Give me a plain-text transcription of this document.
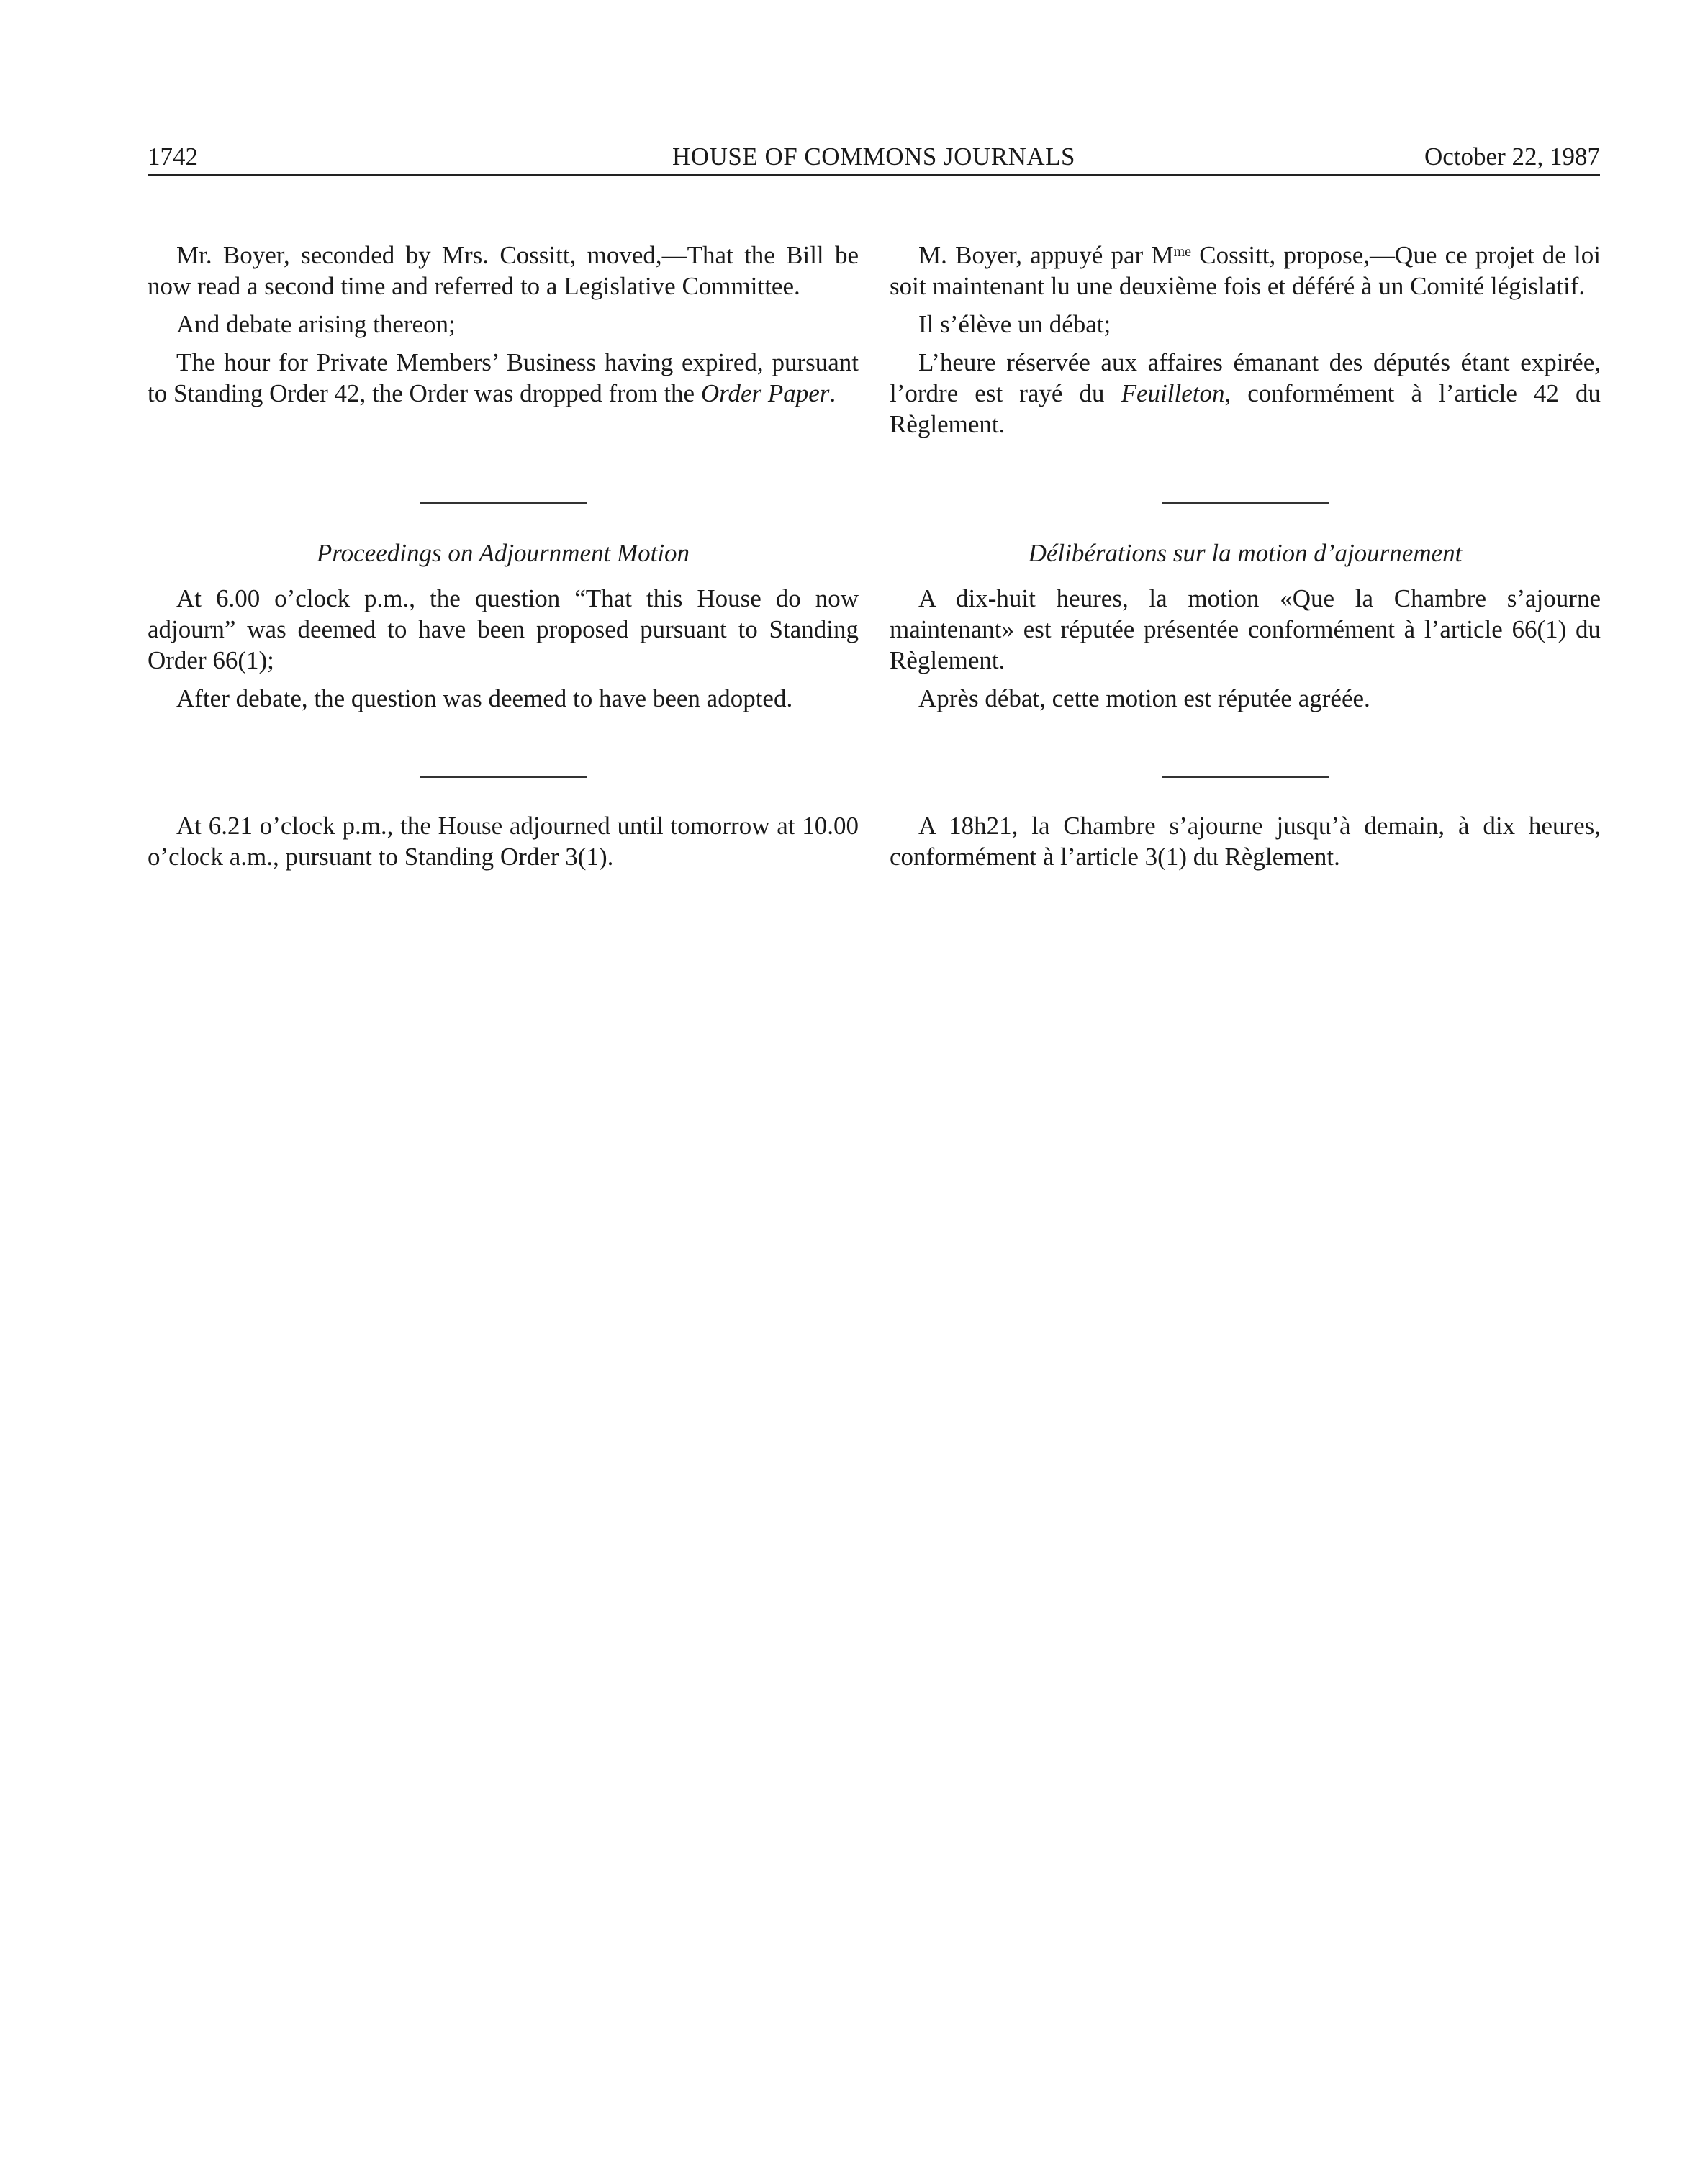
1742	HOUSE OF COMMONS JOURNALS	October 22, 1987

Mr. Boyer, seconded by Mrs. Cossitt, moved,—That the Bill be now read a second time and referred to a Legislative Committee.

And debate arising thereon;

The hour for Private Members’ Business having expired, pursuant to Standing Order 42, the Order was dropped from the Order Paper.

Proceedings on Adjournment Motion

At 6.00 o’clock p.m., the question “That this House do now adjourn” was deemed to have been proposed pursuant to Standing Order 66(1);

After debate, the question was deemed to have been adopted.

At 6.21 o’clock p.m., the House adjourned until tomorrow at 10.00 o’clock a.m., pursuant to Standing Order 3(1).

M. Boyer, appuyé par $M^{me}$ Cossitt, propose,—Que ce projet de loi soit maintenant lu une deuxième fois et déféré à un Comité législatif.

Il s’élève un débat;

L’heure réservée aux affaires émanant des députés étant expirée, l’ordre est rayé du Feuilleton, conformément à l’article 42 du Règlement.

Délibérations sur la motion d’ajournement

A dix-huit heures, la motion «Que la Chambre s’ajourne maintenant» est réputée présentée conformément à l’article 66(1) du Règlement.

Après débat, cette motion est réputée agréée.

A 18h21, la Chambre s’ajourne jusqu’à demain, à dix heures, conformément à l’article 3(1) du Règlement.
